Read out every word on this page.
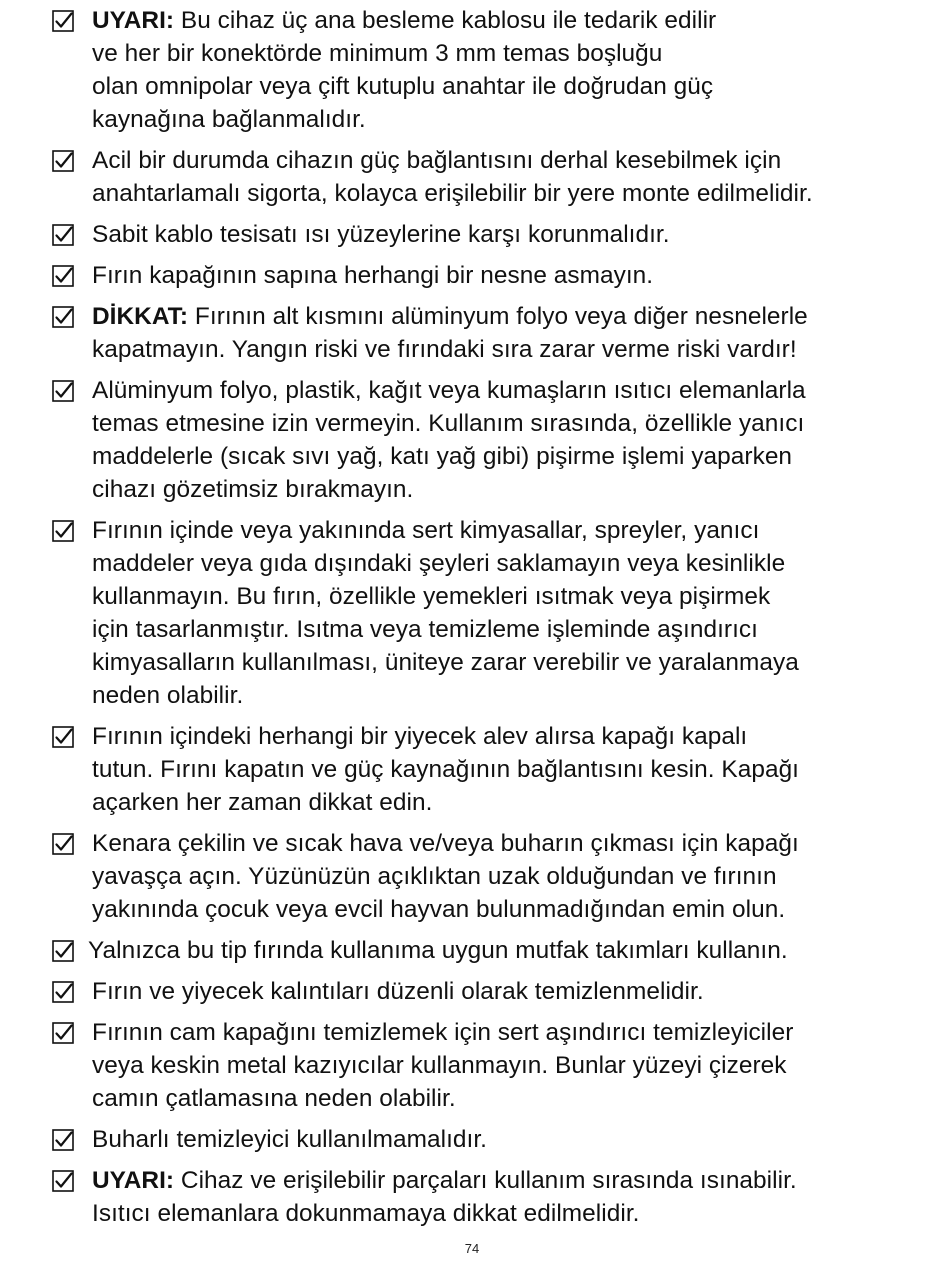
UYARI: Bu cihaz üç ana besleme kablosu ile tedarik edilir
ve her bir konektörde minimum 3 mm temas boşluğu
olan omnipolar veya çift kutuplu anahtar ile doğrudan güç
kaynağına bağlanmalıdır.
Acil bir durumda cihazın güç bağlantısını derhal kesebilmek için
anahtarlamalı sigorta, kolayca erişilebilir bir yere monte edilmelidir.
Sabit kablo tesisatı ısı yüzeylerine karşı korunmalıdır.
Fırın kapağının sapına herhangi bir nesne asmayın.
DİKKAT: Fırının alt kısmını alüminyum folyo veya diğer nesnelerle
kapatmayın. Yangın riski ve fırındaki sıra zarar verme riski vardır!
Alüminyum folyo, plastik, kağıt veya kumaşların ısıtıcı elemanlarla
temas etmesine izin vermeyin. Kullanım sırasında, özellikle yanıcı
maddelerle (sıcak sıvı yağ, katı yağ gibi) pişirme işlemi yaparken
cihazı gözetimsiz bırakmayın.
Fırının içinde veya yakınında sert kimyasallar, spreyler, yanıcı
maddeler veya gıda dışındaki şeyleri saklamayın veya kesinlikle
kullanmayın. Bu fırın, özellikle yemekleri ısıtmak veya pişirmek
için tasarlanmıştır. Isıtma veya temizleme işleminde aşındırıcı
kimyasalların kullanılması, üniteye zarar verebilir ve yaralanmaya
neden olabilir.
Fırının içindeki herhangi bir yiyecek alev alırsa kapağı kapalı
tutun. Fırını kapatın ve güç kaynağının bağlantısını kesin. Kapağı
açarken her zaman dikkat edin.
Kenara çekilin ve sıcak hava ve/veya buharın çıkması için kapağı
yavaşça açın. Yüzünüzün açıklıktan uzak olduğundan ve fırının
yakınında çocuk veya evcil hayvan bulunmadığından emin olun.
Yalnızca bu tip fırında kullanıma uygun mutfak takımları kullanın.
Fırın ve yiyecek kalıntıları düzenli olarak temizlenmelidir.
Fırının cam kapağını temizlemek için sert aşındırıcı temizleyiciler
veya keskin metal kazıyıcılar kullanmayın. Bunlar yüzeyi çizerek
camın çatlamasına neden olabilir.
Buharlı temizleyici kullanılmamalıdır.
UYARI: Cihaz ve erişilebilir parçaları kullanım sırasında ısınabilir.
Isıtıcı elemanlara dokunmamaya dikkat edilmelidir.
74
